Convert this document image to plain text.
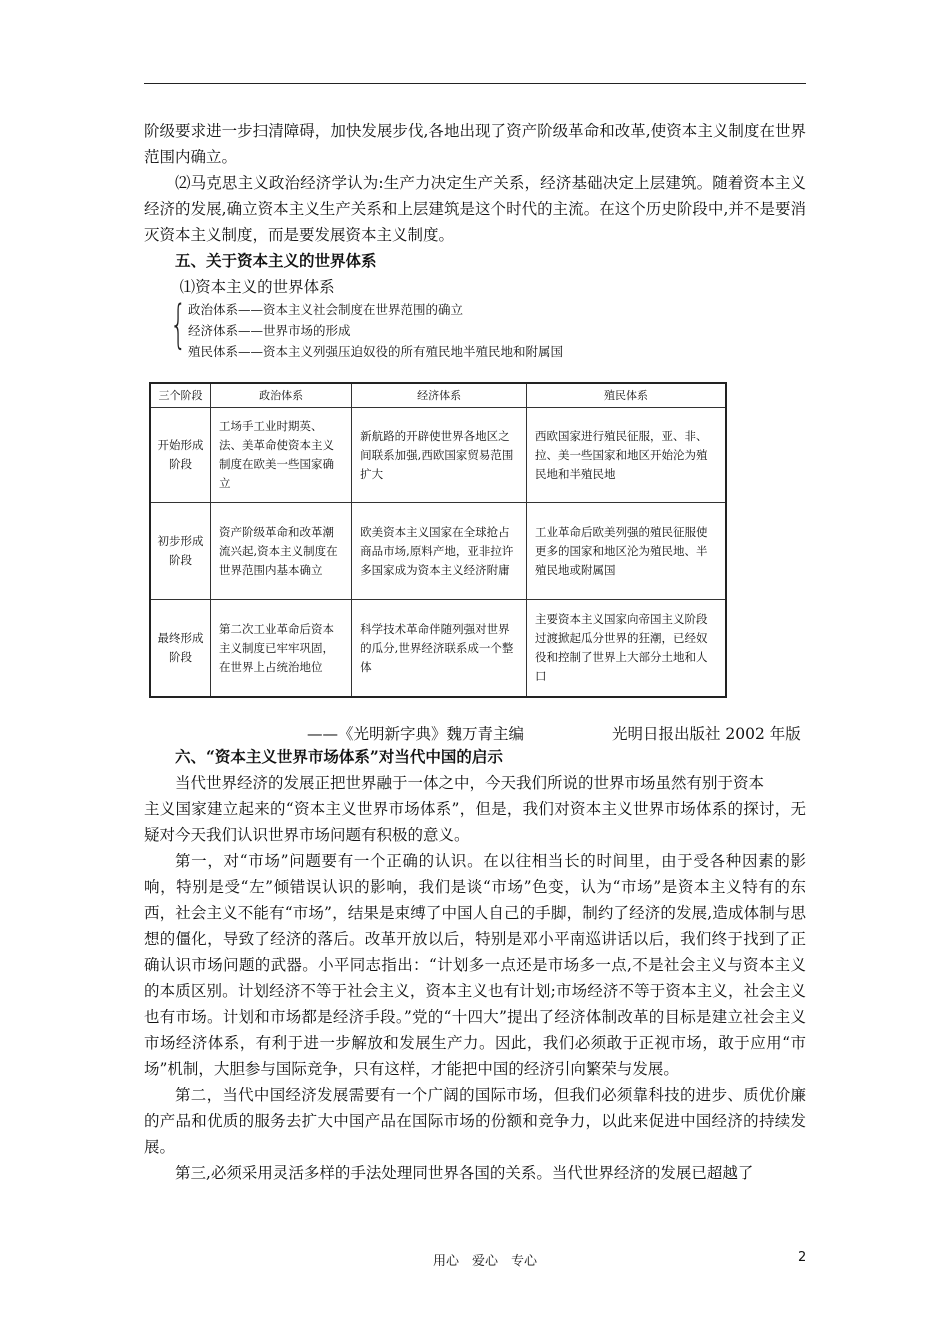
阶级要求进一步扫清障碍，加快发展步伐,各地出现了资产阶级革命和改革,使资本主义制度在世界范围内确立。

⑵马克思主义政治经济学认为:生产力决定生产关系，经济基础决定上层建筑。随着资本主义经济的发展,确立资本主义生产关系和上层建筑是这个时代的主流。在这个历史阶段中,并不是要消灭资本主义制度，而是要发展资本主义制度。

五、关于资本主义的世界体系

⑴资本主义的世界体系

{ 政治体系——资本主义社会制度在世界范围的确立

经济体系——世界市场的形成

殖民体系——资本主义列强压迫奴役的所有殖民地半殖民地和附属国

三个阶段	政治体系	经济体系	殖民体系
开始形成阶段	工场手工业时期英、法、美革命使资本主义制度在欧美一些国家确立	新航路的开辟使世界各地区之间联系加强,西欧国家贸易范围扩大	西欧国家进行殖民征服，亚、非、拉、美一些国家和地区开始沦为殖民地和半殖民地
初步形成阶段	资产阶级革命和改革潮流兴起,资本主义制度在世界范围内基本确立	欧美资本主义国家在全球抢占商品市场,原料产地，亚非拉许多国家成为资本主义经济附庸	工业革命后欧美列强的殖民征服使更多的国家和地区沦为殖民地、半殖民地或附属国
最终形成阶段	第二次工业革命后资本主义制度已牢牢巩固，在世界上占统治地位	科学技术革命伴随列强对世界的瓜分,世界经济联系成一个整体	主要资本主义国家向帝国主义阶段过渡掀起瓜分世界的狂潮，已经奴役和控制了世界上大部分土地和人口
——《光明新字典》魏万青主编	光明日报出版社 2002 年版

六、“资本主义世界市场体系”对当代中国的启示

当代世界经济的发展正把世界融于一体之中，今天我们所说的世界市场虽然有别于资本

主义国家建立起来的“资本主义世界市场体系”，但是，我们对资本主义世界市场体系的探讨，无疑对今天我们认识世界市场问题有积极的意义。

第一，对“市场”问题要有一个正确的认识。在以往相当长的时间里，由于受各种因素的影响，特别是受“左”倾错误认识的影响，我们是谈“市场”色变，认为“市场”是资本主义特有的东西，社会主义不能有“市场”，结果是束缚了中国人自己的手脚，制约了经济的发展,造成体制与思想的僵化，导致了经济的落后。改革开放以后，特别是邓小平南巡讲话以后，我们终于找到了正确认识市场问题的武器。小平同志指出：“计划多一点还是市场多一点,不是社会主义与资本主义的本质区别。计划经济不等于社会主义，资本主义也有计划;市场经济不等于资本主义，社会主义也有市场。计划和市场都是经济手段。”党的“十四大”提出了经济体制改革的目标是建立社会主义市场经济体系，有利于进一步解放和发展生产力。因此，我们必须敢于正视市场，敢于应用“市场”机制，大胆参与国际竞争，只有这样，才能把中国的经济引向繁荣与发展。

第二，当代中国经济发展需要有一个广阔的国际市场，但我们必须靠科技的进步、质优价廉的产品和优质的服务去扩大中国产品在国际市场的份额和竞争力，以此来促进中国经济的持续发展。

第三,必须采用灵活多样的手法处理同世界各国的关系。当代世界经济的发展已超越了

用心　爱心　专心	2
